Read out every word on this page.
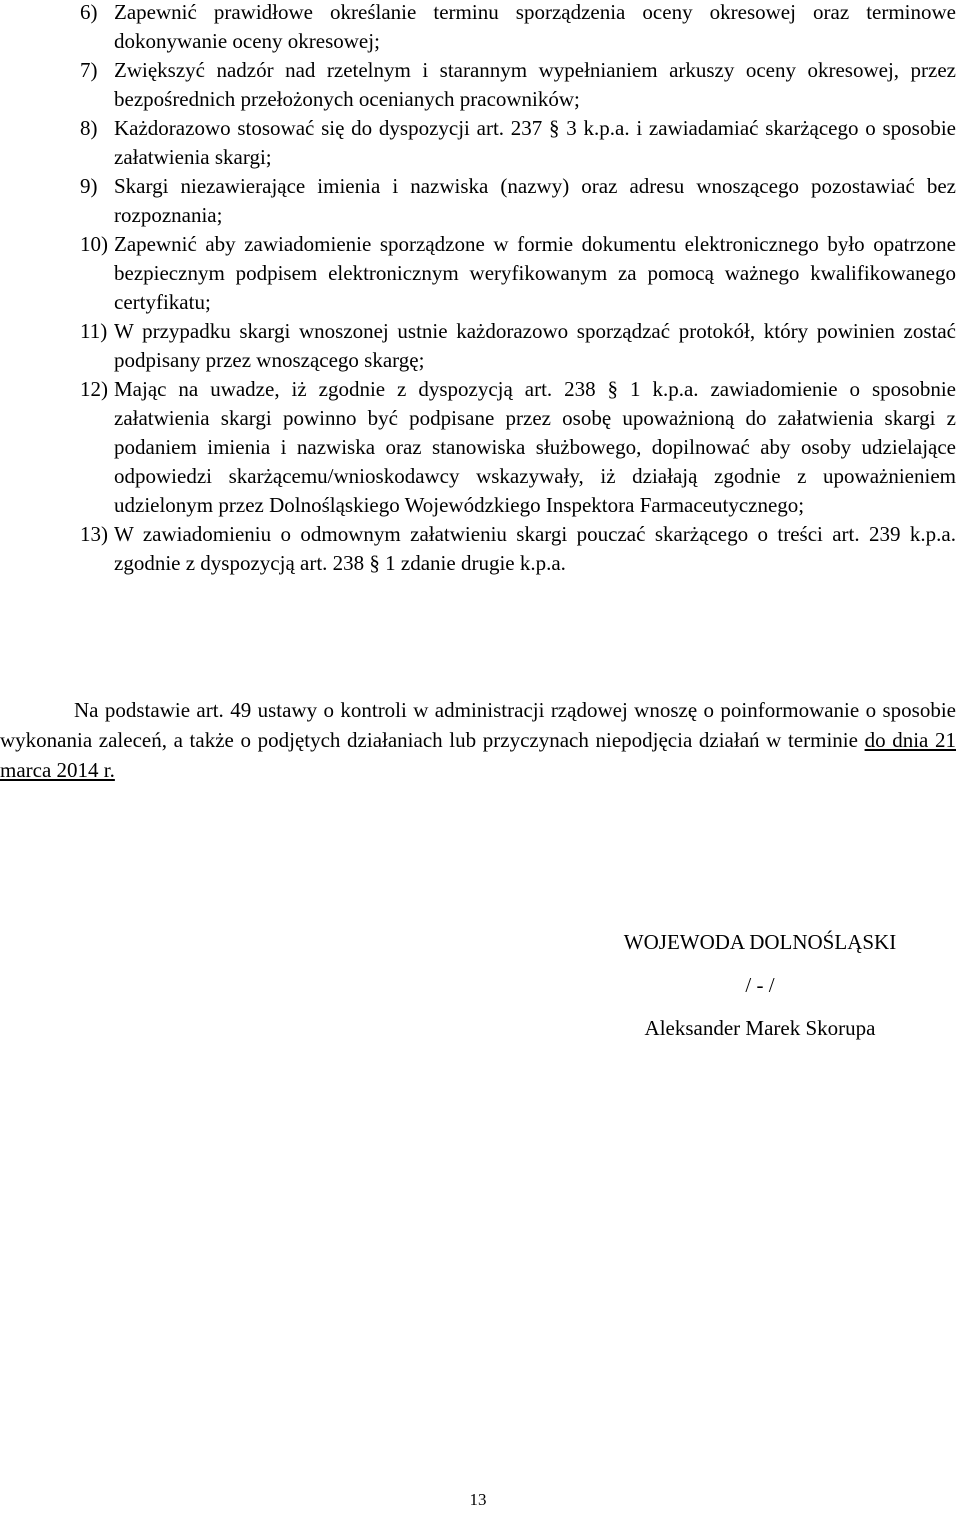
6) Zapewnić prawidłowe określanie terminu sporządzenia oceny okresowej oraz terminowe dokonywanie oceny okresowej;
7) Zwiększyć nadzór nad rzetelnym i starannym wypełnianiem arkuszy oceny okresowej, przez bezpośrednich przełożonych ocenianych pracowników;
8) Każdorazowo stosować się do dyspozycji art. 237 § 3 k.p.a. i zawiadamiać skarżącego o sposobie załatwienia skargi;
9) Skargi niezawierające imienia i nazwiska (nazwy) oraz adresu wnoszącego pozostawiać bez rozpoznania;
10) Zapewnić aby zawiadomienie sporządzone w formie dokumentu elektronicznego było opatrzone bezpiecznym podpisem elektronicznym weryfikowanym za pomocą ważnego kwalifikowanego certyfikatu;
11) W przypadku skargi wnoszonej ustnie każdorazowo sporządzać protokół, który powinien zostać podpisany przez wnoszącego skargę;
12) Mając na uwadze, iż zgodnie z dyspozycją art. 238 § 1 k.p.a. zawiadomienie o sposobnie załatwienia skargi powinno być podpisane przez osobę upoważnioną do załatwienia skargi z podaniem imienia i nazwiska oraz stanowiska służbowego, dopilnować aby osoby udzielające odpowiedzi skarżącemu/wnioskodawcy wskazywały, iż działają zgodnie z upoważnieniem udzielonym przez Dolnośląskiego Wojewódzkiego Inspektora Farmaceutycznego;
13) W zawiadomieniu o odmownym załatwieniu skargi pouczać skarżącego o treści art. 239 k.p.a. zgodnie z dyspozycją art. 238 § 1 zdanie drugie k.p.a.

Na podstawie art. 49 ustawy o kontroli w administracji rządowej wnoszę o poinformowanie o sposobie wykonania zaleceń, a także o podjętych działaniach lub przyczynach niepodjęcia działań w terminie do dnia 21 marca 2014 r.

WOJEWODA DOLNOŚLĄSKI
/ - /
Aleksander Marek Skorupa
13
